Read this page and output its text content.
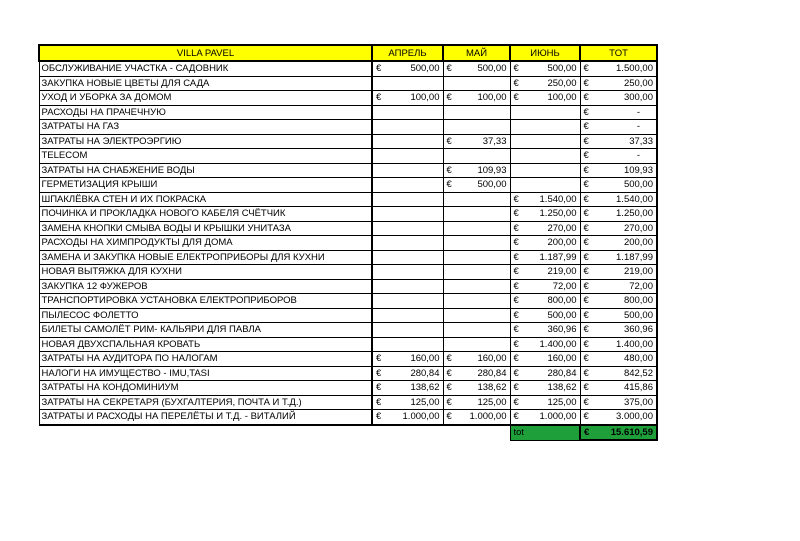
VILLA PAVEL	АПРЕЛЬ	МАЙ	ИЮНЬ	TOT
ОБСЛУЖИВАНИЕ УЧАСТКА - САДОВНИК	€ 500,00	€ 500,00	€ 500,00	€ 1.500,00

ЗАКУПКА НОВЫЕ ЦВЕТЫ ДЛЯ САДА			€ 250,00	€ 250,00

УХОД И УБОРКА ЗА ДОМОМ	€ 100,00	€ 100,00	€ 100,00	€ 300,00

РАСХОДЫ НА ПРАЧЕЧНУЮ				€ -

ЗАТРАТЫ НА ГАЗ				€ -

ЗАТРАТЫ НА ЭЛЕКТРОЭРГИЮ		€ 37,33		€ 37,33

TELECOM				€ -

ЗАТРАТЫ НА СНАБЖЕНИЕ ВОДЫ		€ 109,93		€ 109,93

ГЕРМЕТИЗАЦИЯ КРЫШИ		€ 500,00		€ 500,00

ШПАКЛЁВКА СТЕН И ИХ ПОКРАСКА			€ 1.540,00	€ 1.540,00

ПОЧИНКА И ПРОКЛАДКА НОВОГО КАБЕЛЯ СЧЁТЧИК			€ 1.250,00	€ 1.250,00

ЗАМЕНА КНОПКИ СМЫВА ВОДЫ И КРЫШКИ УНИТАЗА			€ 270,00	€ 270,00

РАСХОДЫ НА ХИМПРОДУКТЫ ДЛЯ ДОМА			€ 200,00	€ 200,00

ЗАМЕНА И ЗАКУПКА НОВЫЕ ЕЛЕКТРОПРИБОРЫ ДЛЯ КУХНИ			€ 1.187,99	€ 1.187,99

НОВАЯ ВЫТЯЖКА ДЛЯ КУХНИ			€ 219,00	€ 219,00

ЗАКУПКА 12 ФУЖЕРОВ			€ 72,00	€ 72,00

ТРАНСПОРТИРОВКА УСТАНОВКА ЕЛЕКТРОПРИБОРОВ			€ 800,00	€ 800,00

ПЫЛЕСОС ФОЛЕТТО			€ 500,00	€ 500,00

БИЛЕТЫ САМОЛЁТ РИМ- КАЛЬЯРИ ДЛЯ ПАВЛА			€ 360,96	€ 360,96

НОВАЯ ДВУХСПАЛЬНАЯ КРОВАТЬ			€ 1.400,00	€ 1.400,00

ЗАТРАТЫ НА АУДИТОРА ПО НАЛОГАМ	€ 160,00	€ 160,00	€ 160,00	€ 480,00

НАЛОГИ НА ИМУЩЕСТВО - IMU,TASI	€ 280,84	€ 280,84	€ 280,84	€ 842,52

ЗАТРАТЫ НА КОНДОМИНИУМ	€ 138,62	€ 138,62	€ 138,62	€ 415,86

ЗАТРАТЫ НА СЕКРЕТАРЯ (БУХГАЛТЕРИЯ, ПОЧТА И Т.Д.)	€ 125,00	€ 125,00	€ 125,00	€ 375,00

ЗАТРАТЫ И РАСХОДЫ НА ПЕРЕЛЁТЫ И Т.Д. - ВИТАЛИЙ	€ 1.000,00	€ 1.000,00	€ 1.000,00	€ 3.000,00

			tot	€ 15.610,59
